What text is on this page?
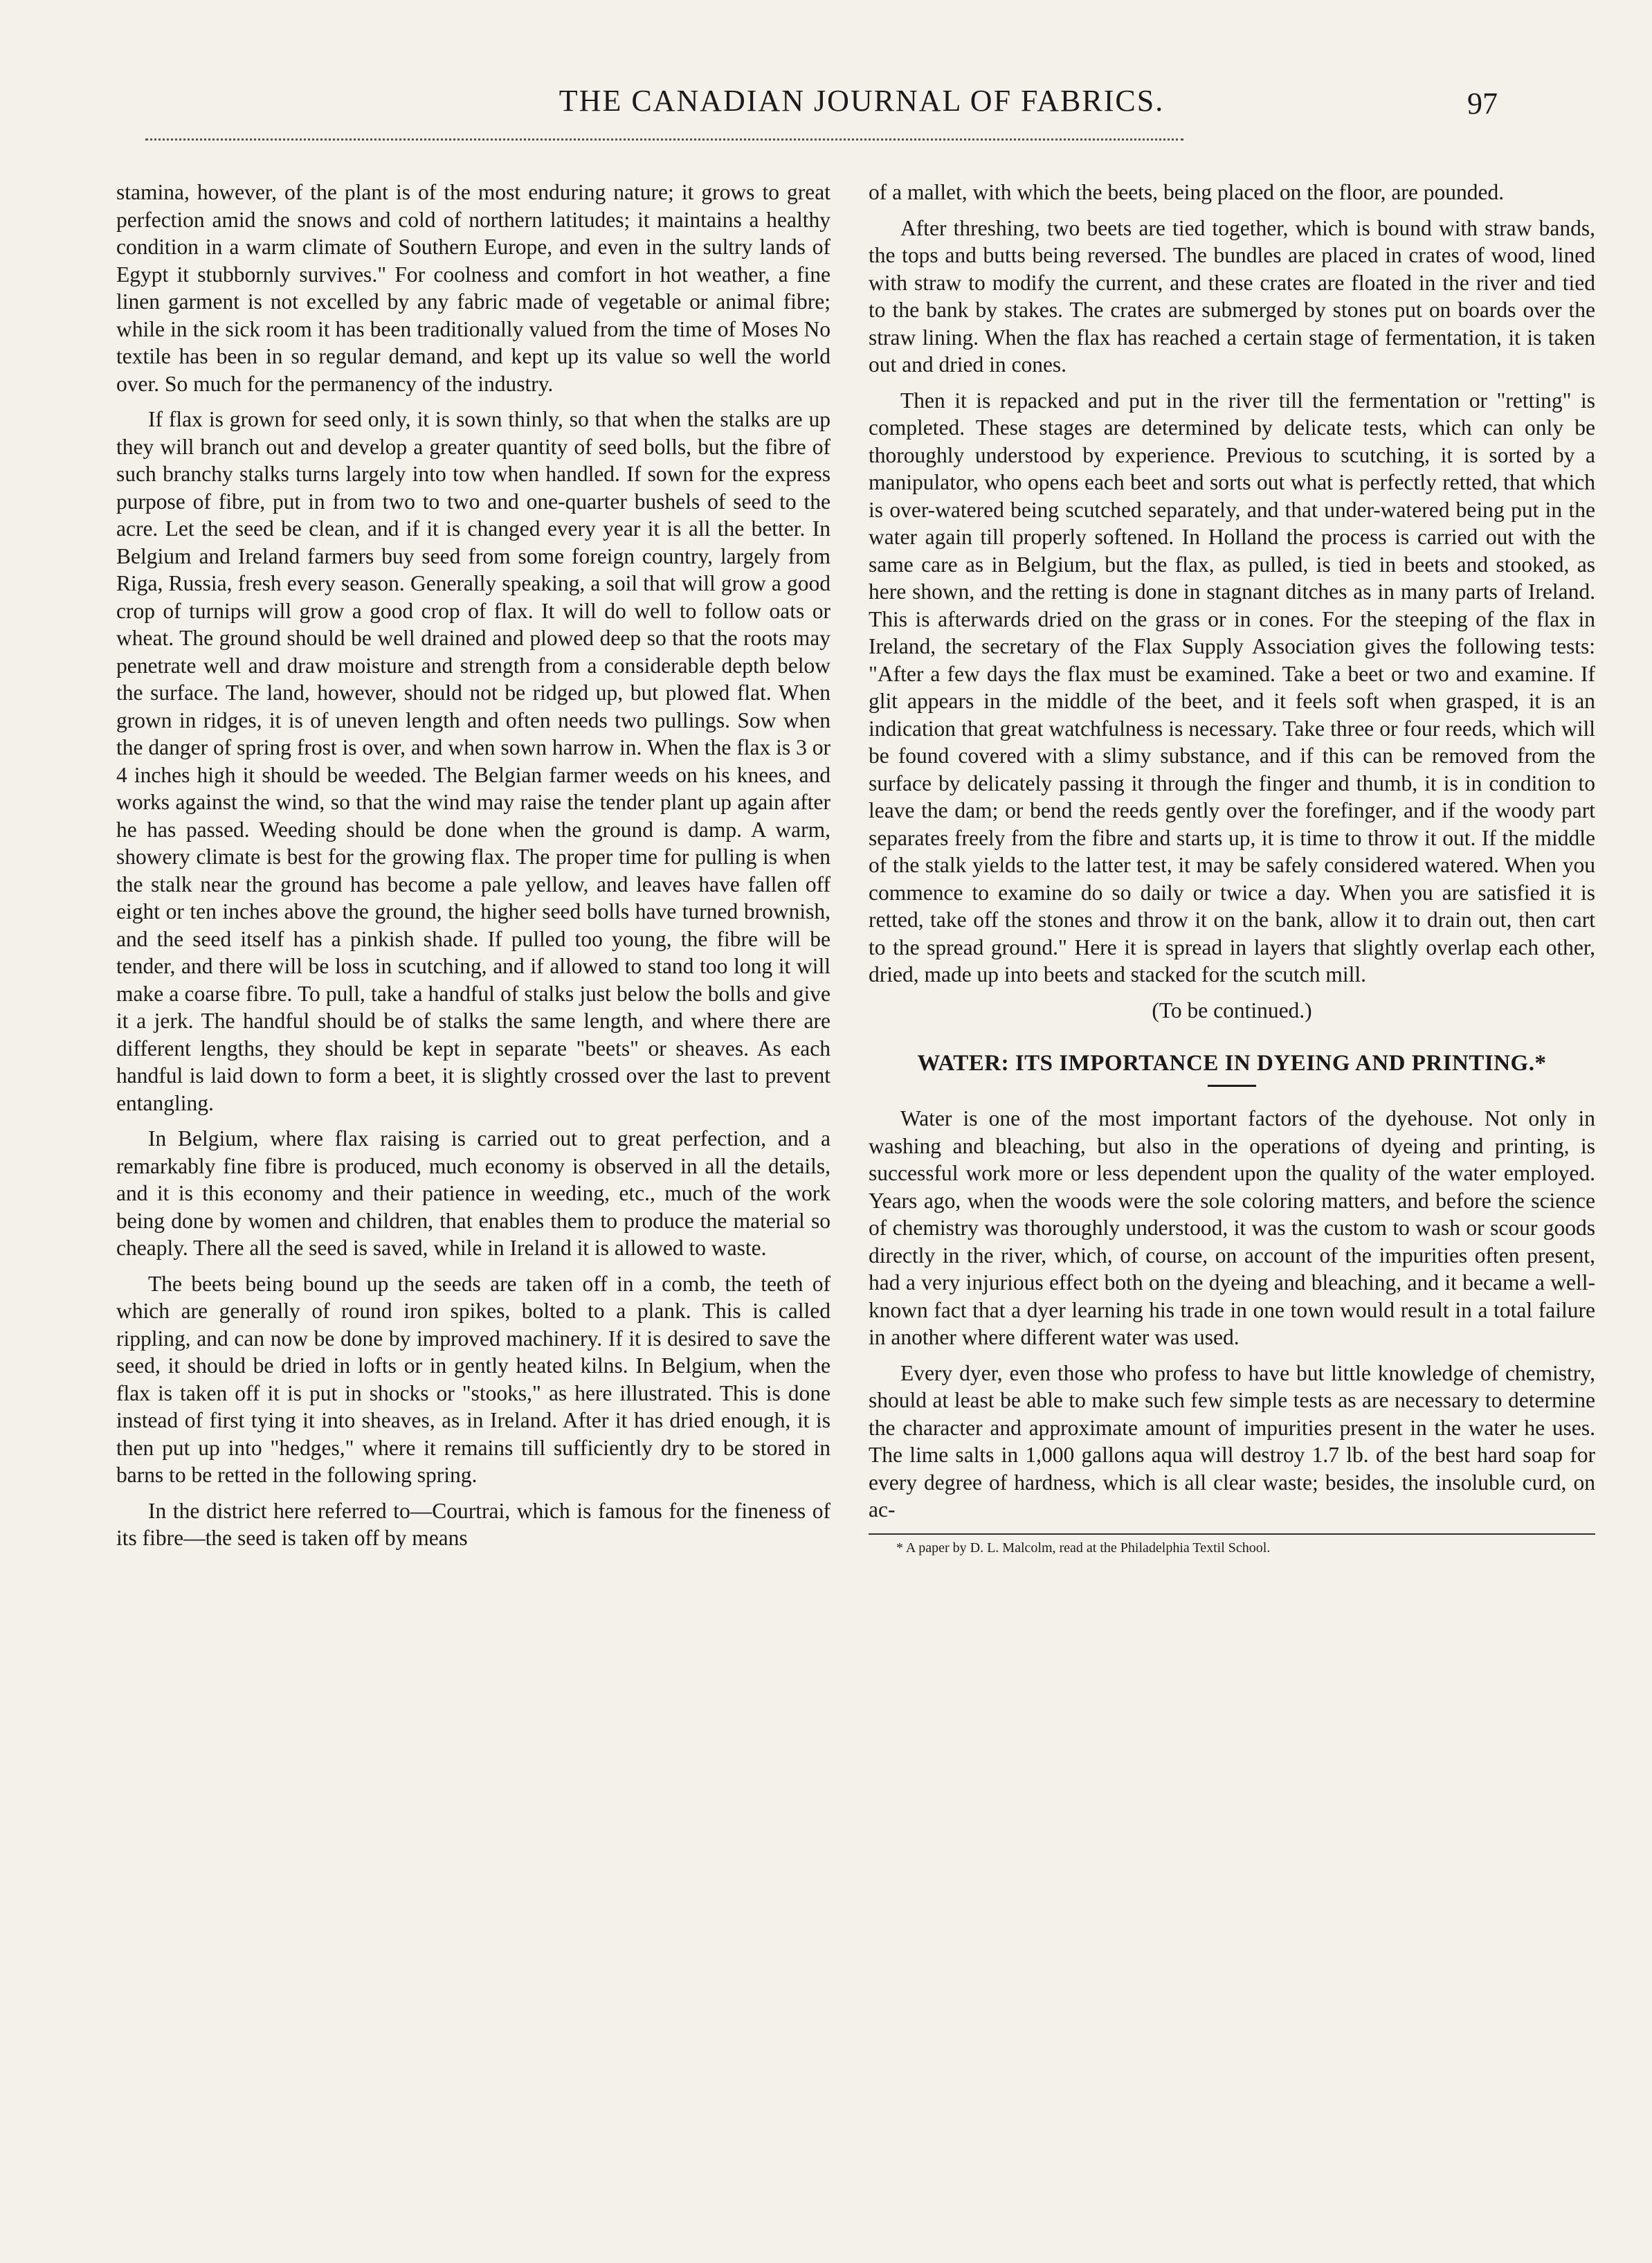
THE CANADIAN JOURNAL OF FABRICS.	97

stamina, however, of the plant is of the most enduring nature; it grows to great perfection amid the snows and cold of northern latitudes; it maintains a healthy condition in a warm climate of Southern Europe, and even in the sultry lands of Egypt it stubbornly survives." For coolness and comfort in hot weather, a fine linen garment is not excelled by any fabric made of vegetable or animal fibre; while in the sick room it has been traditionally valued from the time of Moses No textile has been in so regular demand, and kept up its value so well the world over. So much for the permanency of the industry.

If flax is grown for seed only, it is sown thinly, so that when the stalks are up they will branch out and develop a greater quantity of seed bolls, but the fibre of such branchy stalks turns largely into tow when handled. If sown for the express purpose of fibre, put in from two to two and one-quarter bushels of seed to the acre. Let the seed be clean, and if it is changed every year it is all the better. In Belgium and Ireland farmers buy seed from some foreign country, largely from Riga, Russia, fresh every season. Generally speaking, a soil that will grow a good crop of turnips will grow a good crop of flax. It will do well to follow oats or wheat. The ground should be well drained and plowed deep so that the roots may penetrate well and draw moisture and strength from a considerable depth below the surface. The land, however, should not be ridged up, but plowed flat. When grown in ridges, it is of uneven length and often needs two pullings. Sow when the danger of spring frost is over, and when sown harrow in. When the flax is 3 or 4 inches high it should be weeded. The Belgian farmer weeds on his knees, and works against the wind, so that the wind may raise the tender plant up again after he has passed. Weeding should be done when the ground is damp. A warm, showery climate is best for the growing flax. The proper time for pulling is when the stalk near the ground has become a pale yellow, and leaves have fallen off eight or ten inches above the ground, the higher seed bolls have turned brownish, and the seed itself has a pinkish shade. If pulled too young, the fibre will be tender, and there will be loss in scutching, and if allowed to stand too long it will make a coarse fibre. To pull, take a handful of stalks just below the bolls and give it a jerk. The handful should be of stalks the same length, and where there are different lengths, they should be kept in separate "beets" or sheaves. As each handful is laid down to form a beet, it is slightly crossed over the last to prevent entangling.

In Belgium, where flax raising is carried out to great perfection, and a remarkably fine fibre is produced, much economy is observed in all the details, and it is this economy and their patience in weeding, etc., much of the work being done by women and children, that enables them to produce the material so cheaply. There all the seed is saved, while in Ireland it is allowed to waste.

The beets being bound up the seeds are taken off in a comb, the teeth of which are generally of round iron spikes, bolted to a plank. This is called rippling, and can now be done by improved machinery. If it is desired to save the seed, it should be dried in lofts or in gently heated kilns. In Belgium, when the flax is taken off it is put in shocks or "stooks," as here illustrated. This is done instead of first tying it into sheaves, as in Ireland. After it has dried enough, it is then put up into "hedges," where it remains till sufficiently dry to be stored in barns to be retted in the following spring.

In the district here referred to—Courtrai, which is famous for the fineness of its fibre—the seed is taken off by means

of a mallet, with which the beets, being placed on the floor, are pounded.

After threshing, two beets are tied together, which is bound with straw bands, the tops and butts being reversed. The bundles are placed in crates of wood, lined with straw to modify the current, and these crates are floated in the river and tied to the bank by stakes. The crates are submerged by stones put on boards over the straw lining. When the flax has reached a certain stage of fermentation, it is taken out and dried in cones.

Then it is repacked and put in the river till the fermentation or "retting" is completed. These stages are determined by delicate tests, which can only be thoroughly understood by experience. Previous to scutching, it is sorted by a manipulator, who opens each beet and sorts out what is perfectly retted, that which is over-watered being scutched separately, and that under-watered being put in the water again till properly softened. In Holland the process is carried out with the same care as in Belgium, but the flax, as pulled, is tied in beets and stooked, as here shown, and the retting is done in stagnant ditches as in many parts of Ireland. This is afterwards dried on the grass or in cones. For the steeping of the flax in Ireland, the secretary of the Flax Supply Association gives the following tests: "After a few days the flax must be examined. Take a beet or two and examine. If glit appears in the middle of the beet, and it feels soft when grasped, it is an indication that great watchfulness is necessary. Take three or four reeds, which will be found covered with a slimy substance, and if this can be removed from the surface by delicately passing it through the finger and thumb, it is in condition to leave the dam; or bend the reeds gently over the forefinger, and if the woody part separates freely from the fibre and starts up, it is time to throw it out. If the middle of the stalk yields to the latter test, it may be safely considered watered. When you commence to examine do so daily or twice a day. When you are satisfied it is retted, take off the stones and throw it on the bank, allow it to drain out, then cart to the spread ground." Here it is spread in layers that slightly overlap each other, dried, made up into beets and stacked for the scutch mill.

(To be continued.)

WATER: ITS IMPORTANCE IN DYEING AND PRINTING.*

Water is one of the most important factors of the dyehouse. Not only in washing and bleaching, but also in the operations of dyeing and printing, is successful work more or less dependent upon the quality of the water employed. Years ago, when the woods were the sole coloring matters, and before the science of chemistry was thoroughly understood, it was the custom to wash or scour goods directly in the river, which, of course, on account of the impurities often present, had a very injurious effect both on the dyeing and bleaching, and it became a well-known fact that a dyer learning his trade in one town would result in a total failure in another where different water was used.

Every dyer, even those who profess to have but little knowledge of chemistry, should at least be able to make such few simple tests as are necessary to determine the character and approximate amount of impurities present in the water he uses. The lime salts in 1,000 gallons aqua will destroy 1.7 lb. of the best hard soap for every degree of hardness, which is all clear waste; besides, the insoluble curd, on ac-

* A paper by D. L. Malcolm, read at the Philadelphia Textil School.
